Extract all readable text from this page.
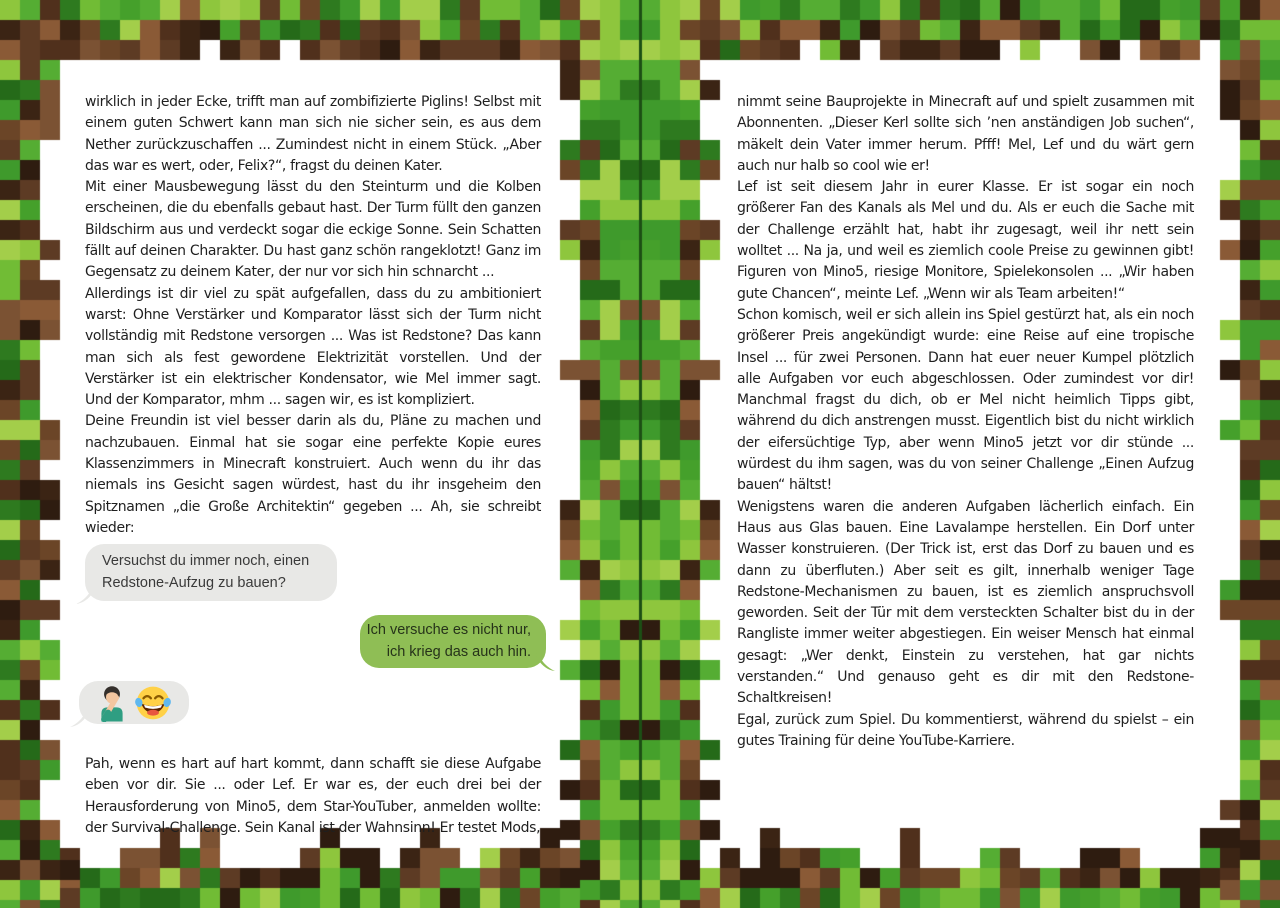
wirklich in jeder Ecke, trifft man auf zombifizierte Piglins! Selbst mit einem guten Schwert kann man sich nie sicher sein, es aus dem Nether zurückzuschaffen ... Zumindest nicht in einem Stück. „Aber das war es wert, oder, Felix?“, fragst du deinen Kater.

Mit einer Mausbewegung lässt du den Steinturm und die Kolben erscheinen, die du ebenfalls gebaut hast. Der Turm füllt den ganzen Bildschirm aus und verdeckt sogar die eckige Sonne. Sein Schatten fällt auf deinen Charakter. Du hast ganz schön rangeklotzt! Ganz im Gegensatz zu deinem Kater, der nur vor sich hin schnarcht ...

Allerdings ist dir viel zu spät aufgefallen, dass du zu ambitioniert warst: Ohne Verstärker und Komparator lässt sich der Turm nicht vollständig mit Redstone versorgen ... Was ist Redstone? Das kann man sich als fest gewordene Elektrizität vorstellen. Und der Verstärker ist ein elektrischer Kondensator, wie Mel immer sagt. Und der Komparator, mhm ... sagen wir, es ist kompliziert.

Deine Freundin ist viel besser darin als du, Pläne zu machen und nachzubauen. Einmal hat sie sogar eine perfekte Kopie eures Klassenzimmers in Minecraft konstruiert. Auch wenn du ihr das niemals ins Gesicht sagen würdest, hast du ihr insgeheim den Spitznamen „die Große Architektin“ gegeben ... Ah, sie schreibt wieder:

Versuchst du immer noch, einen
Redstone-Aufzug zu bauen?
Ich versuche es nicht nur,
ich krieg das auch hin.

Pah, wenn es hart auf hart kommt, dann schafft sie diese Aufgabe eben vor dir. Sie ... oder Lef. Er war es, der euch drei bei der Herausforderung von Mino5, dem Star-YouTuber, anmelden wollte: der Survival-Challenge. Sein Kanal ist der Wahnsinn! Er testet Mods,

nimmt seine Bauprojekte in Minecraft auf und spielt zusammen mit Abonnenten. „Dieser Kerl sollte sich ’nen anständigen Job suchen“, mäkelt dein Vater immer herum. Pfff! Mel, Lef und du wärt gern auch nur halb so cool wie er!

Lef ist seit diesem Jahr in eurer Klasse. Er ist sogar ein noch größerer Fan des Kanals als Mel und du. Als er euch die Sache mit der Challenge erzählt hat, habt ihr zugesagt, weil ihr nett sein wolltet ... Na ja, und weil es ziemlich coole Preise zu gewinnen gibt! Figuren von Mino5, riesige Monitore, Spielekonsolen ... „Wir haben gute Chancen“, meinte Lef. „Wenn wir als Team arbeiten!“

Schon komisch, weil er sich allein ins Spiel gestürzt hat, als ein noch größerer Preis angekündigt wurde: eine Reise auf eine tropische Insel ... für zwei Personen. Dann hat euer neuer Kumpel plötzlich alle Aufgaben vor euch abgeschlossen. Oder zumindest vor dir! Manchmal fragst du dich, ob er Mel nicht heimlich Tipps gibt, während du dich anstrengen musst. Eigentlich bist du nicht wirklich der eifersüchtige Typ, aber wenn Mino5 jetzt vor dir stünde ... würdest du ihm sagen, was du von seiner Challenge „Einen Aufzug bauen“ hältst!

Wenigstens waren die anderen Aufgaben lächerlich einfach. Ein Haus aus Glas bauen. Eine Lavalampe herstellen. Ein Dorf unter Wasser konstruieren. (Der Trick ist, erst das Dorf zu bauen und es dann zu überfluten.) Aber seit es gilt, innerhalb weniger Tage Redstone-Mechanismen zu bauen, ist es ziemlich anspruchsvoll geworden. Seit der Tür mit dem versteckten Schalter bist du in der Rangliste immer weiter abgestiegen. Ein weiser Mensch hat einmal gesagt: „Wer denkt, Einstein zu verstehen, hat gar nichts verstanden.“ Und genauso geht es dir mit den Redstone-Schaltkreisen!

Egal, zurück zum Spiel. Du kommentierst, während du spielst – ein gutes Training für deine YouTube-Karriere.
